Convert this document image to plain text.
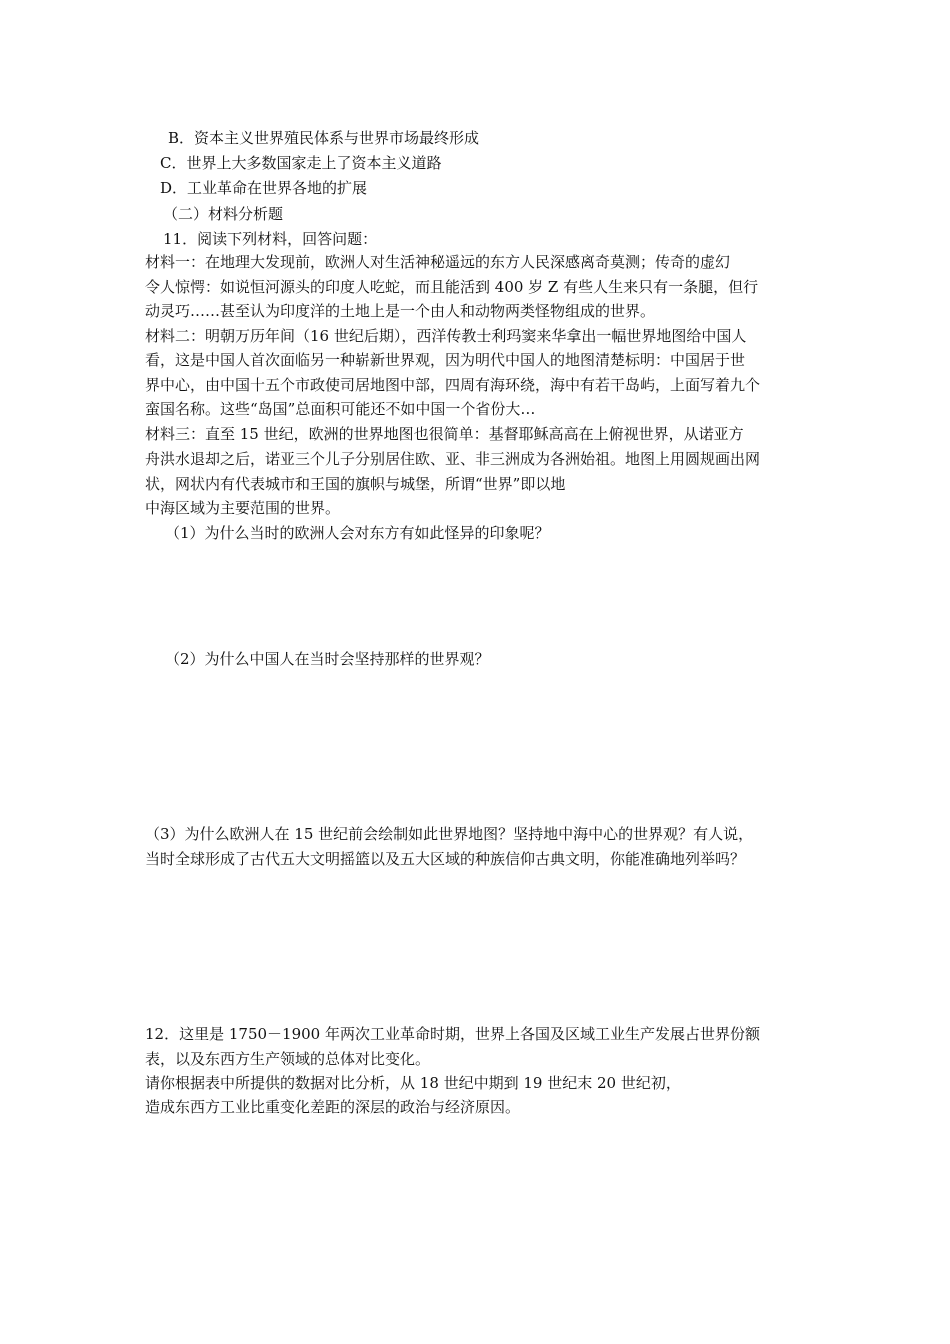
B．资本主义世界殖民体系与世界市场最终形成
C．世界上大多数国家走上了资本主义道路
D．工业革命在世界各地的扩展
（二）材料分析题
11．阅读下列材料，回答问题：
材料一：在地理大发现前，欧洲人对生活神秘遥远的东方人民深感离奇莫测；传奇的虚幻
令人惊愕：如说恒河源头的印度人吃蛇，而且能活到 400 岁 Z 有些人生来只有一条腿，但行
动灵巧……甚至认为印度洋的土地上是一个由人和动物两类怪物组成的世界。
材料二：明朝万历年间（16 世纪后期），西洋传教士利玛窦来华拿出一幅世界地图给中国人
看，这是中国人首次面临另一种崭新世界观，因为明代中国人的地图清楚标明：中国居于世
界中心，由中国十五个市政使司居地图中部，四周有海环绕，海中有若干岛屿，上面写着九个
蛮国名称。这些“岛国”总面积可能还不如中国一个省份大…
材料三：直至 15 世纪，欧洲的世界地图也很简单：基督耶稣高高在上俯视世界，从诺亚方
舟洪水退却之后，诺亚三个儿子分别居住欧、亚、非三洲成为各洲始祖。地图上用圆规画出网
状，网状内有代表城市和王国的旗帜与城堡，所谓“世界”即以地
中海区域为主要范围的世界。
（1）为什么当时的欧洲人会对东方有如此怪异的印象呢？
（2）为什么中国人在当时会坚持那样的世界观？
（3）为什么欧洲人在 15 世纪前会绘制如此世界地图？坚持地中海中心的世界观？有人说，
当时全球形成了古代五大文明摇篮以及五大区域的种族信仰古典文明，你能准确地列举吗？
12．这里是 1750－1900 年两次工业革命时期，世界上各国及区域工业生产发展占世界份额
表，以及东西方生产领域的总体对比变化。
请你根据表中所提供的数据对比分析，从 18 世纪中期到 19 世纪末 20 世纪初，
造成东西方工业比重变化差距的深层的政治与经济原因。
